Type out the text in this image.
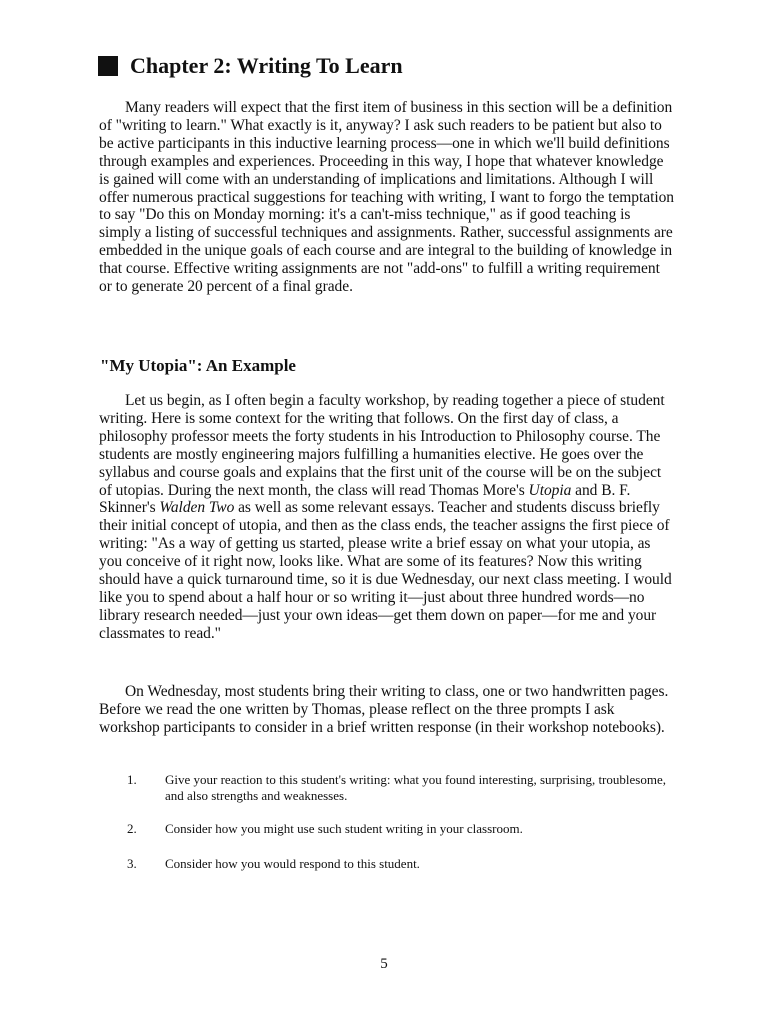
Chapter 2: Writing To Learn

Many readers will expect that the first item of business in this section will be a definition of "writing to learn." What exactly is it, anyway? I ask such readers to be patient but also to be active participants in this inductive learning process—one in which we'll build definitions through examples and experiences. Proceeding in this way, I hope that whatever knowledge is gained will come with an understanding of implications and limitations. Although I will offer numerous practical suggestions for teaching with writing, I want to forgo the temptation to say "Do this on Monday morning: it's a can't-miss technique," as if good teaching is simply a listing of successful techniques and assignments. Rather, successful assignments are embedded in the unique goals of each course and are integral to the building of knowledge in that course. Effective writing assignments are not "add-ons" to fulfill a writing requirement or to generate 20 percent of a final grade.

"My Utopia": An Example

Let us begin, as I often begin a faculty workshop, by reading together a piece of student writing. Here is some context for the writing that follows. On the first day of class, a philosophy professor meets the forty students in his Introduction to Philosophy course. The students are mostly engineering majors fulfilling a humanities elective. He goes over the syllabus and course goals and explains that the first unit of the course will be on the subject of utopias. During the next month, the class will read Thomas More's Utopia and B. F. Skinner's Walden Two as well as some relevant essays. Teacher and students discuss briefly their initial concept of utopia, and then as the class ends, the teacher assigns the first piece of writing: "As a way of getting us started, please write a brief essay on what your utopia, as you conceive of it right now, looks like. What are some of its features? Now this writing should have a quick turnaround time, so it is due Wednesday, our next class meeting. I would like you to spend about a half hour or so writing it—just about three hundred words—no library research needed—just your own ideas—get them down on paper—for me and your classmates to read."

On Wednesday, most students bring their writing to class, one or two handwritten pages. Before we read the one written by Thomas, please reflect on the three prompts I ask workshop participants to consider in a brief written response (in their workshop notebooks).

1.	Give your reaction to this student's writing: what you found interesting, surprising, troublesome, and also strengths and weaknesses.
2.	Consider how you might use such student writing in your classroom.
3.	Consider how you would respond to this student.
5
